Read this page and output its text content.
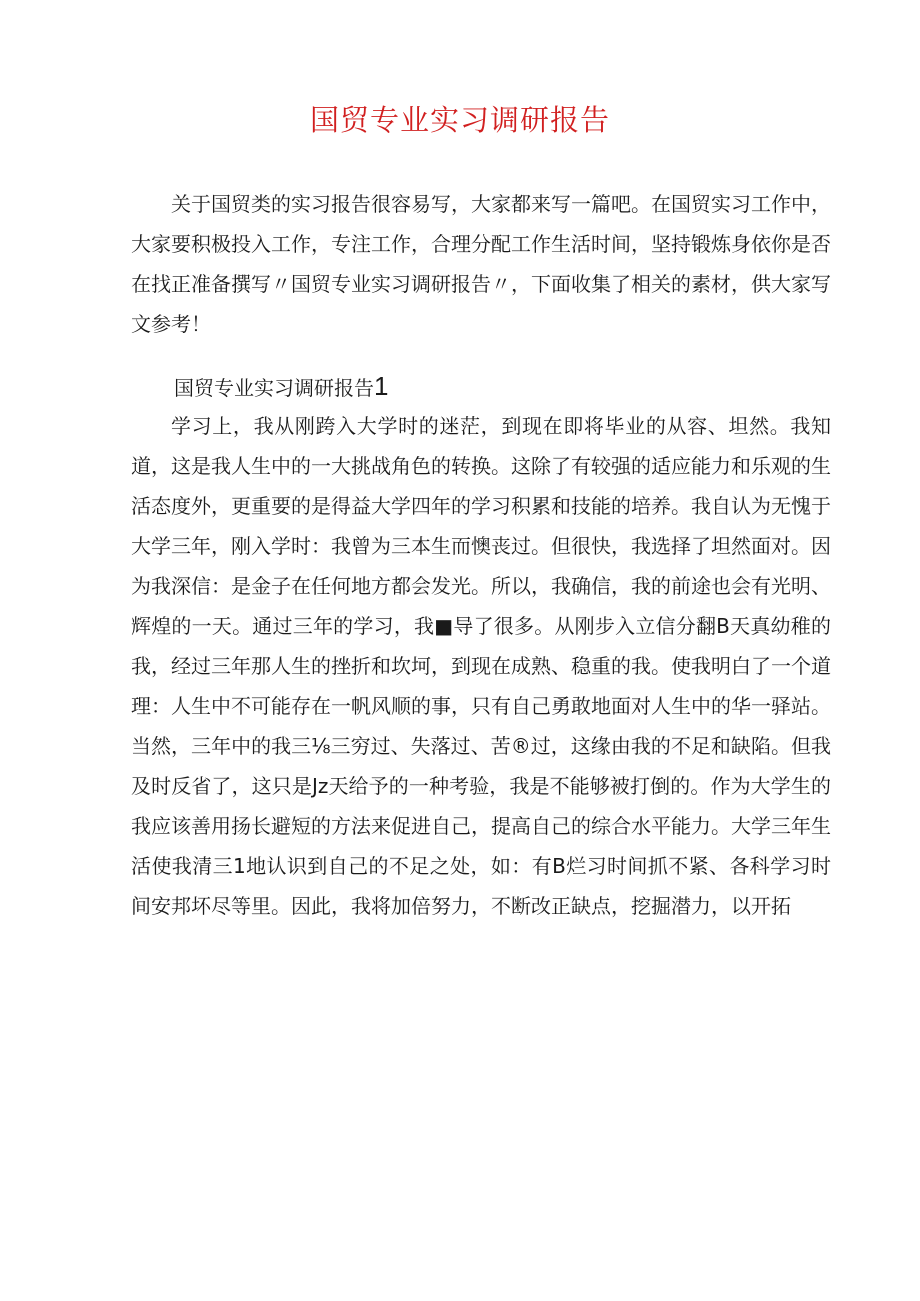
国贸专业实习调研报告

关于国贸类的实习报告很容易写，大家都来写一篇吧。在国贸实习工作中，大家要积极投入工作，专注工作，合理分配工作生活时间，坚持锻炼身依你是否在找正准备撰写〃国贸专业实习调研报告〃，下面收集了相关的素材，供大家写文参考！

国贸专业实习调研报告1

学习上，我从刚跨入大学时的迷茫，到现在即将毕业的从容、坦然。我知道，这是我人生中的一大挑战角色的转换。这除了有较强的适应能力和乐观的生活态度外，更重要的是得益大学四年的学习积累和技能的培养。我自认为无愧于大学三年，刚入学时：我曾为三本生而懊丧过。但很快，我选择了坦然面对。因为我深信：是金子在任何地方都会发光。所以，我确信，我的前途也会有光明、辉煌的一天。通过三年的学习，我■导了很多。从刚步入立信分翻B天真幼稚的我，经过三年那人生的挫折和坎坷，到现在成熟、稳重的我。使我明白了一个道理：人生中不可能存在一帆风顺的事，只有自己勇敢地面对人生中的华一驿站。当然，三年中的我三⅛三穷过、失落过、苦®过，这缘由我的不足和缺陷。但我及时反省了，这只是Jz天给予的一种考验，我是不能够被打倒的。作为大学生的我应该善用扬长避短的方法来促进自己，提高自己的综合水平能力。大学三年生活使我清三1地认识到自己的不足之处，如：有B烂习时间抓不紧、各科学习时间安邦坏尽等里。因此，我将加倍努力，不断改正缺点，挖掘潜力，以开拓
